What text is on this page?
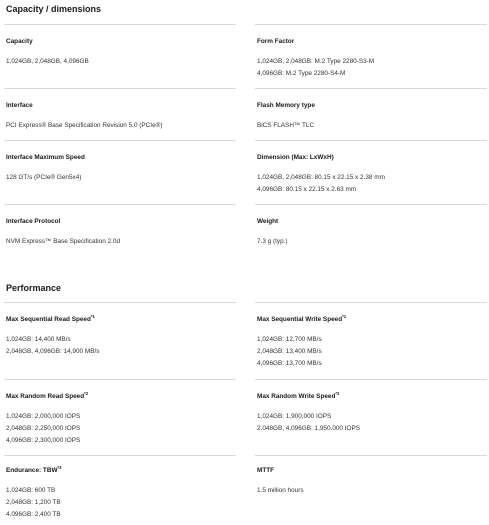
Capacity / dimensions
Capacity
1,024GB, 2,048GB, 4,096GB
Form Factor
1,024GB, 2,048GB: M.2 Type 2280-S3-M
4,096GB: M.2 Type 2280-S4-M
Interface
PCI Express® Base Specification Revision 5.0 (PCIe®)
Flash Memory type
BiCS FLASH™ TLC
Interface Maximum Speed
128 GT/s (PCIe® Gen5x4)
Dimension (Max: LxWxH)
1,024GB, 2,048GB: 80.15 x 22.15 x 2.38 mm
4,096GB: 80.15 x 22.15 x 2.63 mm
Interface Protocol
NVM Express™ Base Specification 2.0d
Weight
7.3 g (typ.)
Performance
Max Sequential Read Speed$^{*1}$
1,024GB: 14,400 MB/s
2,048GB, 4,096GB: 14,900 MB/s
Max Sequential Write Speed$^{*1}$
1,024GB: 12,700 MB/s
2,048GB: 13,400 MB/s
4,096GB: 13,700 MB/s
Max Random Read Speed$^{*2}$
1,024GB: 2,000,000 IOPS
2,048GB: 2,250,000 IOPS
4,096GB: 2,300,000 IOPS
Max Random Write Speed$^{*2}$
1,024GB: 1,900,000 IOPS
2,048GB, 4,096GB: 1,950,000 IOPS
Endurance: TBW$^{*3}$
1,024GB: 600 TB
2,048GB: 1,200 TB
4,096GB: 2,400 TB
MTTF
1.5 million hours
